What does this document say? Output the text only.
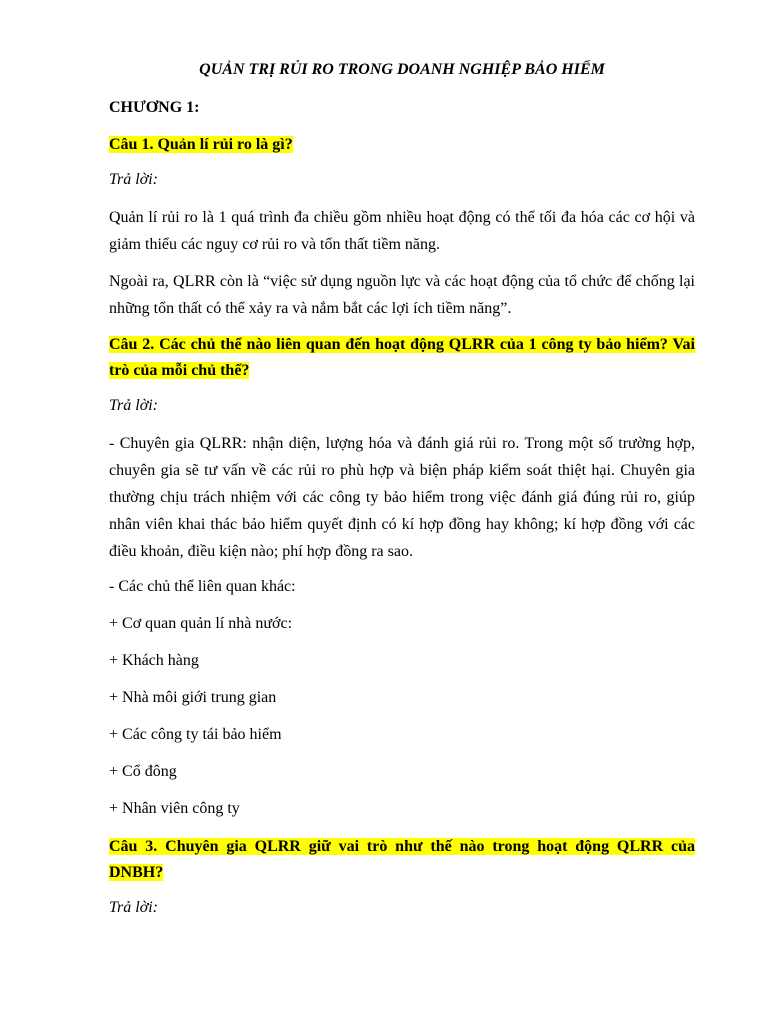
QUẢN TRỊ RỦI RO TRONG DOANH NGHIỆP BẢO HIỂM
CHƯƠNG 1:
Câu 1. Quản lí rủi ro là gì?
Trả lời:
Quản lí rủi ro là 1 quá trình đa chiều gồm nhiều hoạt động có thể tối đa hóa các cơ hội và giảm thiểu các nguy cơ rủi ro và tổn thất tiềm năng.
Ngoài ra, QLRR còn là “việc sử dụng nguồn lực và các hoạt động của tổ chức để chống lại những tổn thất có thể xảy ra và nắm bắt các lợi ích tiềm năng”.
Câu 2. Các chủ thể nào liên quan đến hoạt động QLRR của 1 công ty bảo hiểm? Vai trò của mỗi chủ thể?
Trả lời:
- Chuyên gia QLRR: nhận diện, lượng hóa và đánh giá rủi ro. Trong một số trường hợp, chuyên gia sẽ tư vấn về các rủi ro phù hợp và biện pháp kiểm soát thiệt hại. Chuyên gia thường chịu trách nhiệm với các công ty bảo hiểm trong việc đánh giá đúng rủi ro, giúp nhân viên khai thác bảo hiểm quyết định có kí hợp đồng hay không; kí hợp đồng với các điều khoản, điều kiện nào; phí hợp đồng ra sao.
- Các chủ thể liên quan khác:
+ Cơ quan quản lí nhà nước:
+ Khách hàng
+ Nhà môi giới trung gian
+ Các công ty tái bảo hiểm
+ Cổ đông
+ Nhân viên công ty
Câu 3. Chuyên gia QLRR giữ vai trò như thế nào trong hoạt động QLRR của DNBH?
Trả lời:
